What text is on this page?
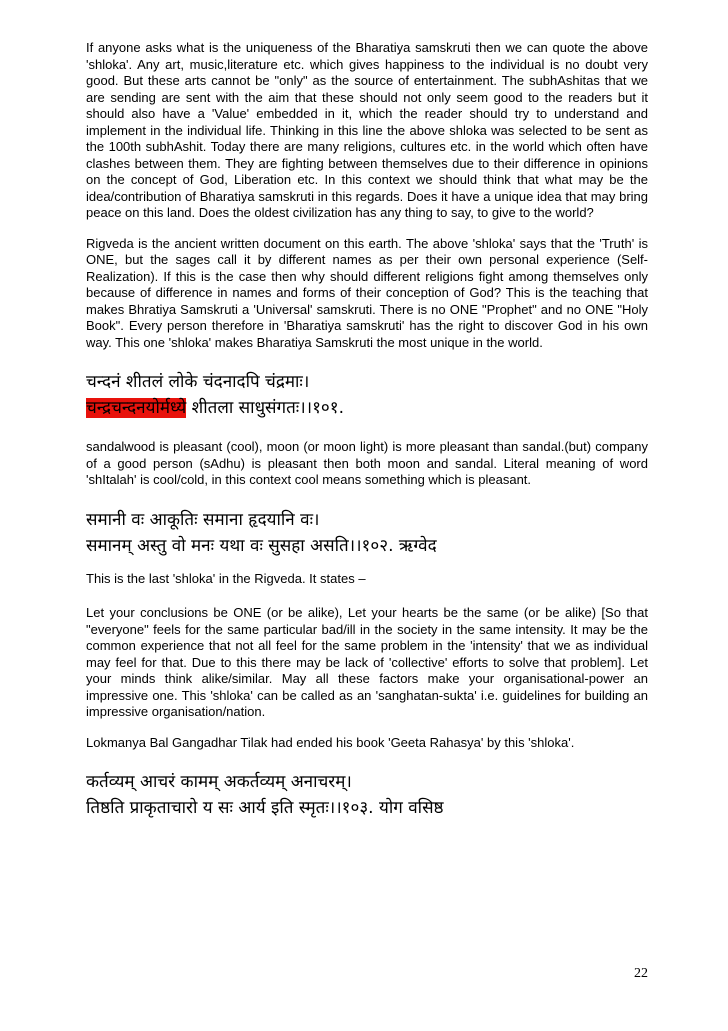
If anyone asks what is the uniqueness of the Bharatiya samskruti then we can quote the above 'shloka'. Any art, music,literature etc. which gives happiness to the individual is no doubt very good. But these arts cannot be "only" as the source of entertainment. The subhAshitas that we are sending are sent with the aim that these should not only seem good to the readers but it should also have a 'Value' embedded in it, which the reader should try to understand and implement in the individual life. Thinking in this line the above shloka was selected to be sent as the 100th subhAshit. Today there are many religions, cultures etc. in the world which often have clashes between them. They are fighting between themselves due to their difference in opinions on the concept of God, Liberation etc. In this context we should think that what may be the idea/contribution of Bharatiya samskruti in this regards. Does it have a unique idea that may bring peace on this land. Does the oldest civilization has any thing to say, to give to the world?

Rigveda is the ancient written document on this earth. The above 'shloka' says that the 'Truth' is ONE, but the sages call it by different names as per their own personal experience (Self-Realization). If this is the case then why should different religions fight among themselves only because of difference in names and forms of their conception of God? This is the teaching that makes Bhratiya Samskruti a 'Universal' samskruti. There is no ONE "Prophet" and no ONE "Holy Book". Every person therefore in 'Bharatiya samskruti' has the right to discover God in his own way. This one 'shloka' makes Bharatiya Samskruti the most unique in the world.

चन्दनं शीतलं लोके चंदनादपि चंद्रमाः।

चन्द्रचन्दनयोर्मध्ये शीतला साधुसंगतः।।१०१.

sandalwood is pleasant (cool), moon (or moon light) is more pleasant than sandal.(but) company of a good person (sAdhu) is pleasant then both moon and sandal. Literal meaning of word 'shItalah' is cool/cold, in this context cool means something which is pleasant.

समानी वः आकूतिः समाना हृदयानि वः।

समानम् अस्तु वो मनः यथा वः सुसहा असति।।१०२. ऋग्वेद

This is the last 'shloka' in the Rigveda. It states –

Let your conclusions be ONE (or be alike), Let your hearts be the same (or be alike) [So that "everyone" feels for the same particular bad/ill in the society in the same intensity. It may be the common experience that not all feel for the same problem in the 'intensity' that we as individual may feel for that. Due to this there may be lack of 'collective' efforts to solve that problem]. Let your minds think alike/similar. May all these factors make your organisational-power an impressive one. This 'shloka' can be called as an 'sanghatan-sukta' i.e. guidelines for building an impressive organisation/nation.

Lokmanya Bal Gangadhar Tilak had ended his book 'Geeta Rahasya' by this 'shloka'.

कर्तव्यम् आचरं कामम् अकर्तव्यम् अनाचरम्।

तिष्ठति प्राकृताचारो य सः आर्य इति स्मृतः।।१०३. योग वसिष्ठ

22
